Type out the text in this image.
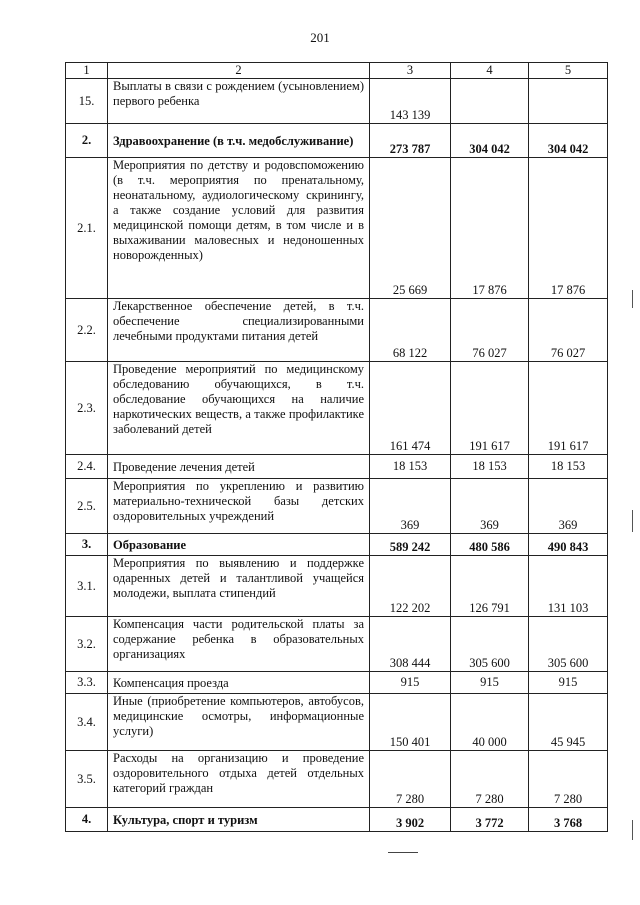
201
1	2	3	4	5
15.	Выплаты в связи с рождением (усыновлением) первого ребенка	143 139		
2.	Здравоохранение (в т.ч. медобслуживание)	273 787	304 042	304 042
2.1.	Мероприятия по детству и родовспоможению (в т.ч. мероприятия по пренатальному, неонатальному, аудиологическому скринингу, а также создание условий для развития медицинской помощи детям, в том числе и в выхаживании маловесных и недоношенных новорожденных)	25 669	17 876	17 876
2.2.	Лекарственное обеспечение детей, в т.ч. обеспечение специализированными лечебными продуктами питания детей	68 122	76 027	76 027
2.3.	Проведение мероприятий по медицинскому обследованию обучающихся, в т.ч. обследование обучающихся на наличие наркотических веществ, а также профилактике заболеваний детей	161 474	191 617	191 617
2.4.	Проведение лечения детей	18 153	18 153	18 153
2.5.	Мероприятия по укреплению и развитию материально-технической базы детских оздоровительных учреждений	369	369	369
3.	Образование	589 242	480 586	490 843
3.1.	Мероприятия по выявлению и поддержке одаренных детей и талантливой учащейся молодежи, выплата стипендий	122 202	126 791	131 103
3.2.	Компенсация части родительской платы за содержание ребенка в образовательных организациях	308 444	305 600	305 600
3.3.	Компенсация проезда	915	915	915
3.4.	Иные (приобретение компьютеров, автобусов, медицинские осмотры, информационные услуги)	150 401	40 000	45 945
3.5.	Расходы на организацию и проведение оздоровительного отдыха детей отдельных категорий граждан	7 280	7 280	7 280
4.	Культура, спорт и туризм	3 902	3 772	3 768
